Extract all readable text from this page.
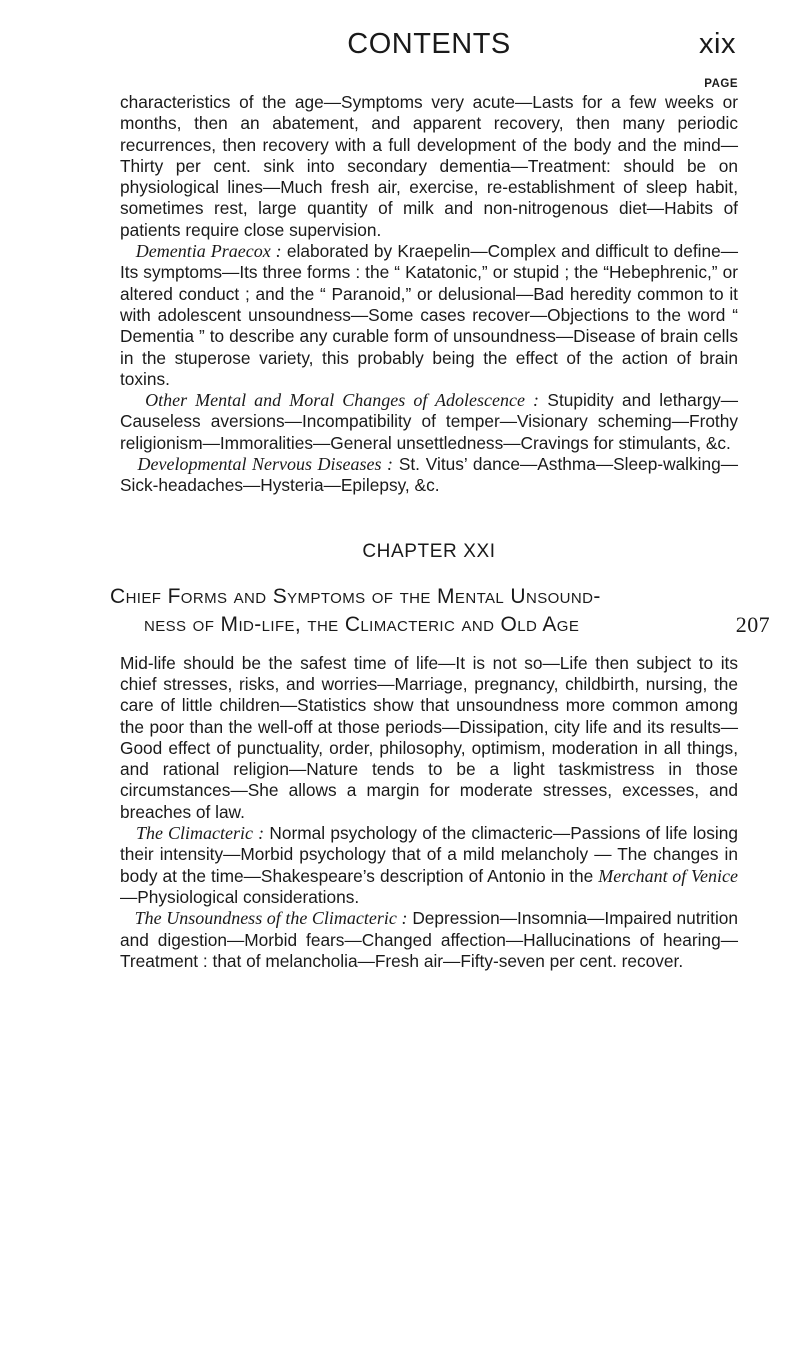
CONTENTS	xix
PAGE

characteristics of the age—Symptoms very acute—Lasts for a few weeks or months, then an abatement, and apparent recovery, then many periodic recurrences, then recovery with a full development of the body and the mind—Thirty per cent. sink into secondary dementia—Treatment: should be on physiological lines—Much fresh air, exercise, re-establishment of sleep habit, sometimes rest, large quantity of milk and non-nitrogenous diet—Habits of patients require close supervision.

Dementia Praecox : elaborated by Kraepelin—Complex and difficult to define—Its symptoms—Its three forms : the “ Katatonic,” or stupid ; the “Hebephrenic,” or altered conduct ; and the “ Paranoid,” or delusional—Bad heredity common to it with adolescent unsoundness—Some cases recover—Objections to the word “ Dementia ” to describe any curable form of unsoundness—Disease of brain cells in the stuperose variety, this probably being the effect of the action of brain toxins.

Other Mental and Moral Changes of Adolescence : Stupidity and lethargy—Causeless aversions—Incompatibility of temper—Visionary scheming—Frothy religionism—Immoralities—General unsettledness—Cravings for stimulants, &c.

Developmental Nervous Diseases : St. Vitus’ dance—Asthma—Sleep-walking—Sick-headaches—Hysteria—Epilepsy, &c.

CHAPTER XXI
Chief Forms and Symptoms of the Mental Unsound-
ness of Mid-life, the Climacteric and Old Age	207

Mid-life should be the safest time of life—It is not so—Life then subject to its chief stresses, risks, and worries—Marriage, pregnancy, childbirth, nursing, the care of little children—Statistics show that unsoundness more common among the poor than the well-off at those periods—Dissipation, city life and its results—Good effect of punctuality, order, philosophy, optimism, moderation in all things, and rational religion—Nature tends to be a light taskmistress in those circumstances—She allows a margin for moderate stresses, excesses, and breaches of law.

The Climacteric : Normal psychology of the climacteric—Passions of life losing their intensity—Morbid psychology that of a mild melancholy — The changes in body at the time—Shakespeare’s description of Antonio in the Merchant of Venice—Physiological considerations.

The Unsoundness of the Climacteric : Depression—Insomnia—Impaired nutrition and digestion—Morbid fears—Changed affection—Hallucinations of hearing—Treatment : that of melancholia—Fresh air—Fifty-seven per cent. recover.
